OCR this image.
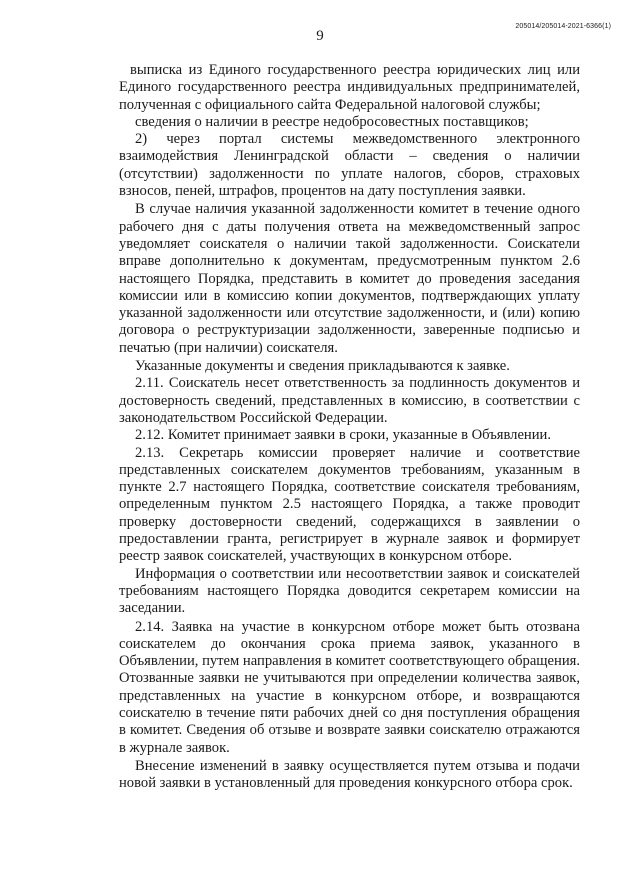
9
205014/205014-2021-6366(1)

выписка из Единого государственного реестра юридических лиц или Единого государственного реестра индивидуальных предпринимателей, полученная с официального сайта Федеральной налоговой службы;

сведения о наличии в реестре недобросовестных поставщиков;

2) через портал системы межведомственного электронного взаимодействия Ленинградской области – сведения о наличии (отсутствии) задолженности по уплате налогов, сборов, страховых взносов, пеней, штрафов, процентов на дату поступления заявки.

В случае наличия указанной задолженности комитет в течение одного рабочего дня с даты получения ответа на межведомственный запрос уведомляет соискателя о наличии такой задолженности. Соискатели вправе дополнительно к документам, предусмотренным пунктом 2.6 настоящего Порядка, представить в комитет до проведения заседания комиссии или в комиссию копии документов, подтверждающих уплату указанной задолженности или отсутствие задолженности, и (или) копию договора о реструктуризации задолженности, заверенные подписью и печатью (при наличии) соискателя.

Указанные документы и сведения прикладываются к заявке.

2.11. Соискатель несет ответственность за подлинность документов и достоверность сведений, представленных в комиссию, в соответствии с законодательством Российской Федерации.

2.12. Комитет принимает заявки в сроки, указанные в Объявлении.

2.13. Секретарь комиссии проверяет наличие и соответствие представленных соискателем документов требованиям, указанным в пункте 2.7 настоящего Порядка, соответствие соискателя требованиям, определенным пунктом 2.5 настоящего Порядка, а также проводит проверку достоверности сведений, содержащихся в заявлении о предоставлении гранта, регистрирует в журнале заявок и формирует реестр заявок соискателей, участвующих в конкурсном отборе.

Информация о соответствии или несоответствии заявок и соискателей требованиям настоящего Порядка доводится секретарем комиссии на заседании.

2.14. Заявка на участие в конкурсном отборе может быть отозвана соискателем до окончания срока приема заявок, указанного в Объявлении, путем направления в комитет соответствующего обращения. Отозванные заявки не учитываются при определении количества заявок, представленных на участие в конкурсном отборе, и возвращаются соискателю в течение пяти рабочих дней со дня поступления обращения в комитет. Сведения об отзыве и возврате заявки соискателю отражаются в журнале заявок.

Внесение изменений в заявку осуществляется путем отзыва и подачи новой заявки в установленный для проведения конкурсного отбора срок.
